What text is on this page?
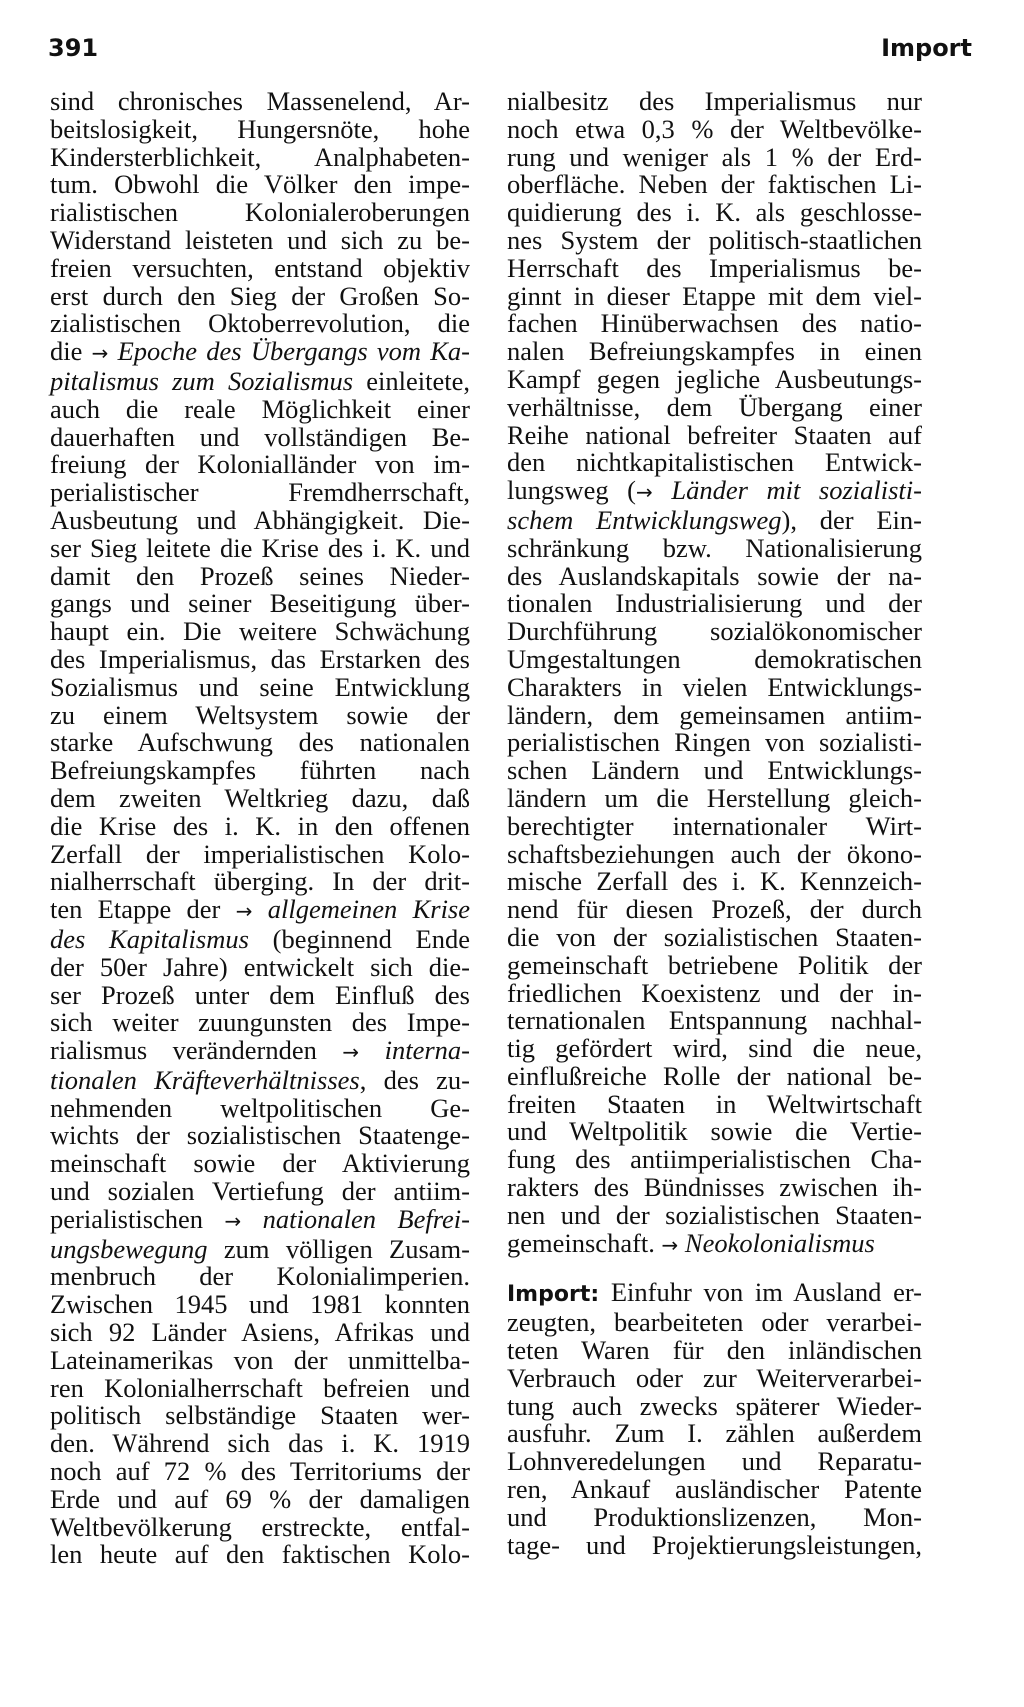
391	Import
sind chronisches Massenelend, Ar-
beitslosigkeit, Hungersnöte, hohe
Kindersterblichkeit, Analphabeten-
tum. Obwohl die Völker den impe-
rialistischen Kolonialeroberungen
Widerstand leisteten und sich zu be-
freien versuchten, entstand objektiv
erst durch den Sieg der Großen So-
zialistischen Oktoberrevolution, die
die → Epoche des Übergangs vom Ka-
pitalismus zum Sozialismus einleitete,
auch die reale Möglichkeit einer
dauerhaften und vollständigen Be-
freiung der Kolonialländer von im-
perialistischer Fremdherrschaft,
Ausbeutung und Abhängigkeit. Die-
ser Sieg leitete die Krise des i. K. und
damit den Prozeß seines Nieder-
gangs und seiner Beseitigung über-
haupt ein. Die weitere Schwächung
des Imperialismus, das Erstarken des
Sozialismus und seine Entwicklung
zu einem Weltsystem sowie der
starke Aufschwung des nationalen
Befreiungskampfes führten nach
dem zweiten Weltkrieg dazu, daß
die Krise des i. K. in den offenen
Zerfall der imperialistischen Kolo-
nialherrschaft überging. In der drit-
ten Etappe der → allgemeinen Krise
des Kapitalismus (beginnend Ende
der 50er Jahre) entwickelt sich die-
ser Prozeß unter dem Einfluß des
sich weiter zuungunsten des Impe-
rialismus verändernden → interna-
tionalen Kräfteverhältnisses, des zu-
nehmenden weltpolitischen Ge-
wichts der sozialistischen Staatenge-
meinschaft sowie der Aktivierung
und sozialen Vertiefung der antiim-
perialistischen → nationalen Befrei-
ungsbewegung zum völligen Zusam-
menbruch der Kolonialimperien.
Zwischen 1945 und 1981 konnten
sich 92 Länder Asiens, Afrikas und
Lateinamerikas von der unmittelba-
ren Kolonialherrschaft befreien und
politisch selbständige Staaten wer-
den. Während sich das i. K. 1919
noch auf 72 % des Territoriums der
Erde und auf 69 % der damaligen
Weltbevölkerung erstreckte, entfal-
len heute auf den faktischen Kolo-
nialbesitz des Imperialismus nur
noch etwa 0,3 % der Weltbevölke-
rung und weniger als 1 % der Erd-
oberfläche. Neben der faktischen Li-
quidierung des i. K. als geschlosse-
nes System der politisch-staatlichen
Herrschaft des Imperialismus be-
ginnt in dieser Etappe mit dem viel-
fachen Hinüberwachsen des natio-
nalen Befreiungskampfes in einen
Kampf gegen jegliche Ausbeutungs-
verhältnisse, dem Übergang einer
Reihe national befreiter Staaten auf
den nichtkapitalistischen Entwick-
lungsweg (→ Länder mit sozialisti-
schem Entwicklungsweg), der Ein-
schränkung bzw. Nationalisierung
des Auslandskapitals sowie der na-
tionalen Industrialisierung und der
Durchführung sozialökonomischer
Umgestaltungen demokratischen
Charakters in vielen Entwicklungs-
ländern, dem gemeinsamen antiim-
perialistischen Ringen von sozialisti-
schen Ländern und Entwicklungs-
ländern um die Herstellung gleich-
berechtigter internationaler Wirt-
schaftsbeziehungen auch der ökono-
mische Zerfall des i. K. Kennzeich-
nend für diesen Prozeß, der durch
die von der sozialistischen Staaten-
gemeinschaft betriebene Politik der
friedlichen Koexistenz und der in-
ternationalen Entspannung nachhal-
tig gefördert wird, sind die neue,
einflußreiche Rolle der national be-
freiten Staaten in Weltwirtschaft
und Weltpolitik sowie die Vertie-
fung des antiimperialistischen Cha-
rakters des Bündnisses zwischen ih-
nen und der sozialistischen Staaten-
gemeinschaft. → Neokolonialismus
Import: Einfuhr von im Ausland er-
zeugten, bearbeiteten oder verarbei-
teten Waren für den inländischen
Verbrauch oder zur Weiterverarbei-
tung auch zwecks späterer Wieder-
ausfuhr. Zum I. zählen außerdem
Lohnveredelungen und Reparatu-
ren, Ankauf ausländischer Patente
und Produktionslizenzen, Mon-
tage- und Projektierungsleistungen,
